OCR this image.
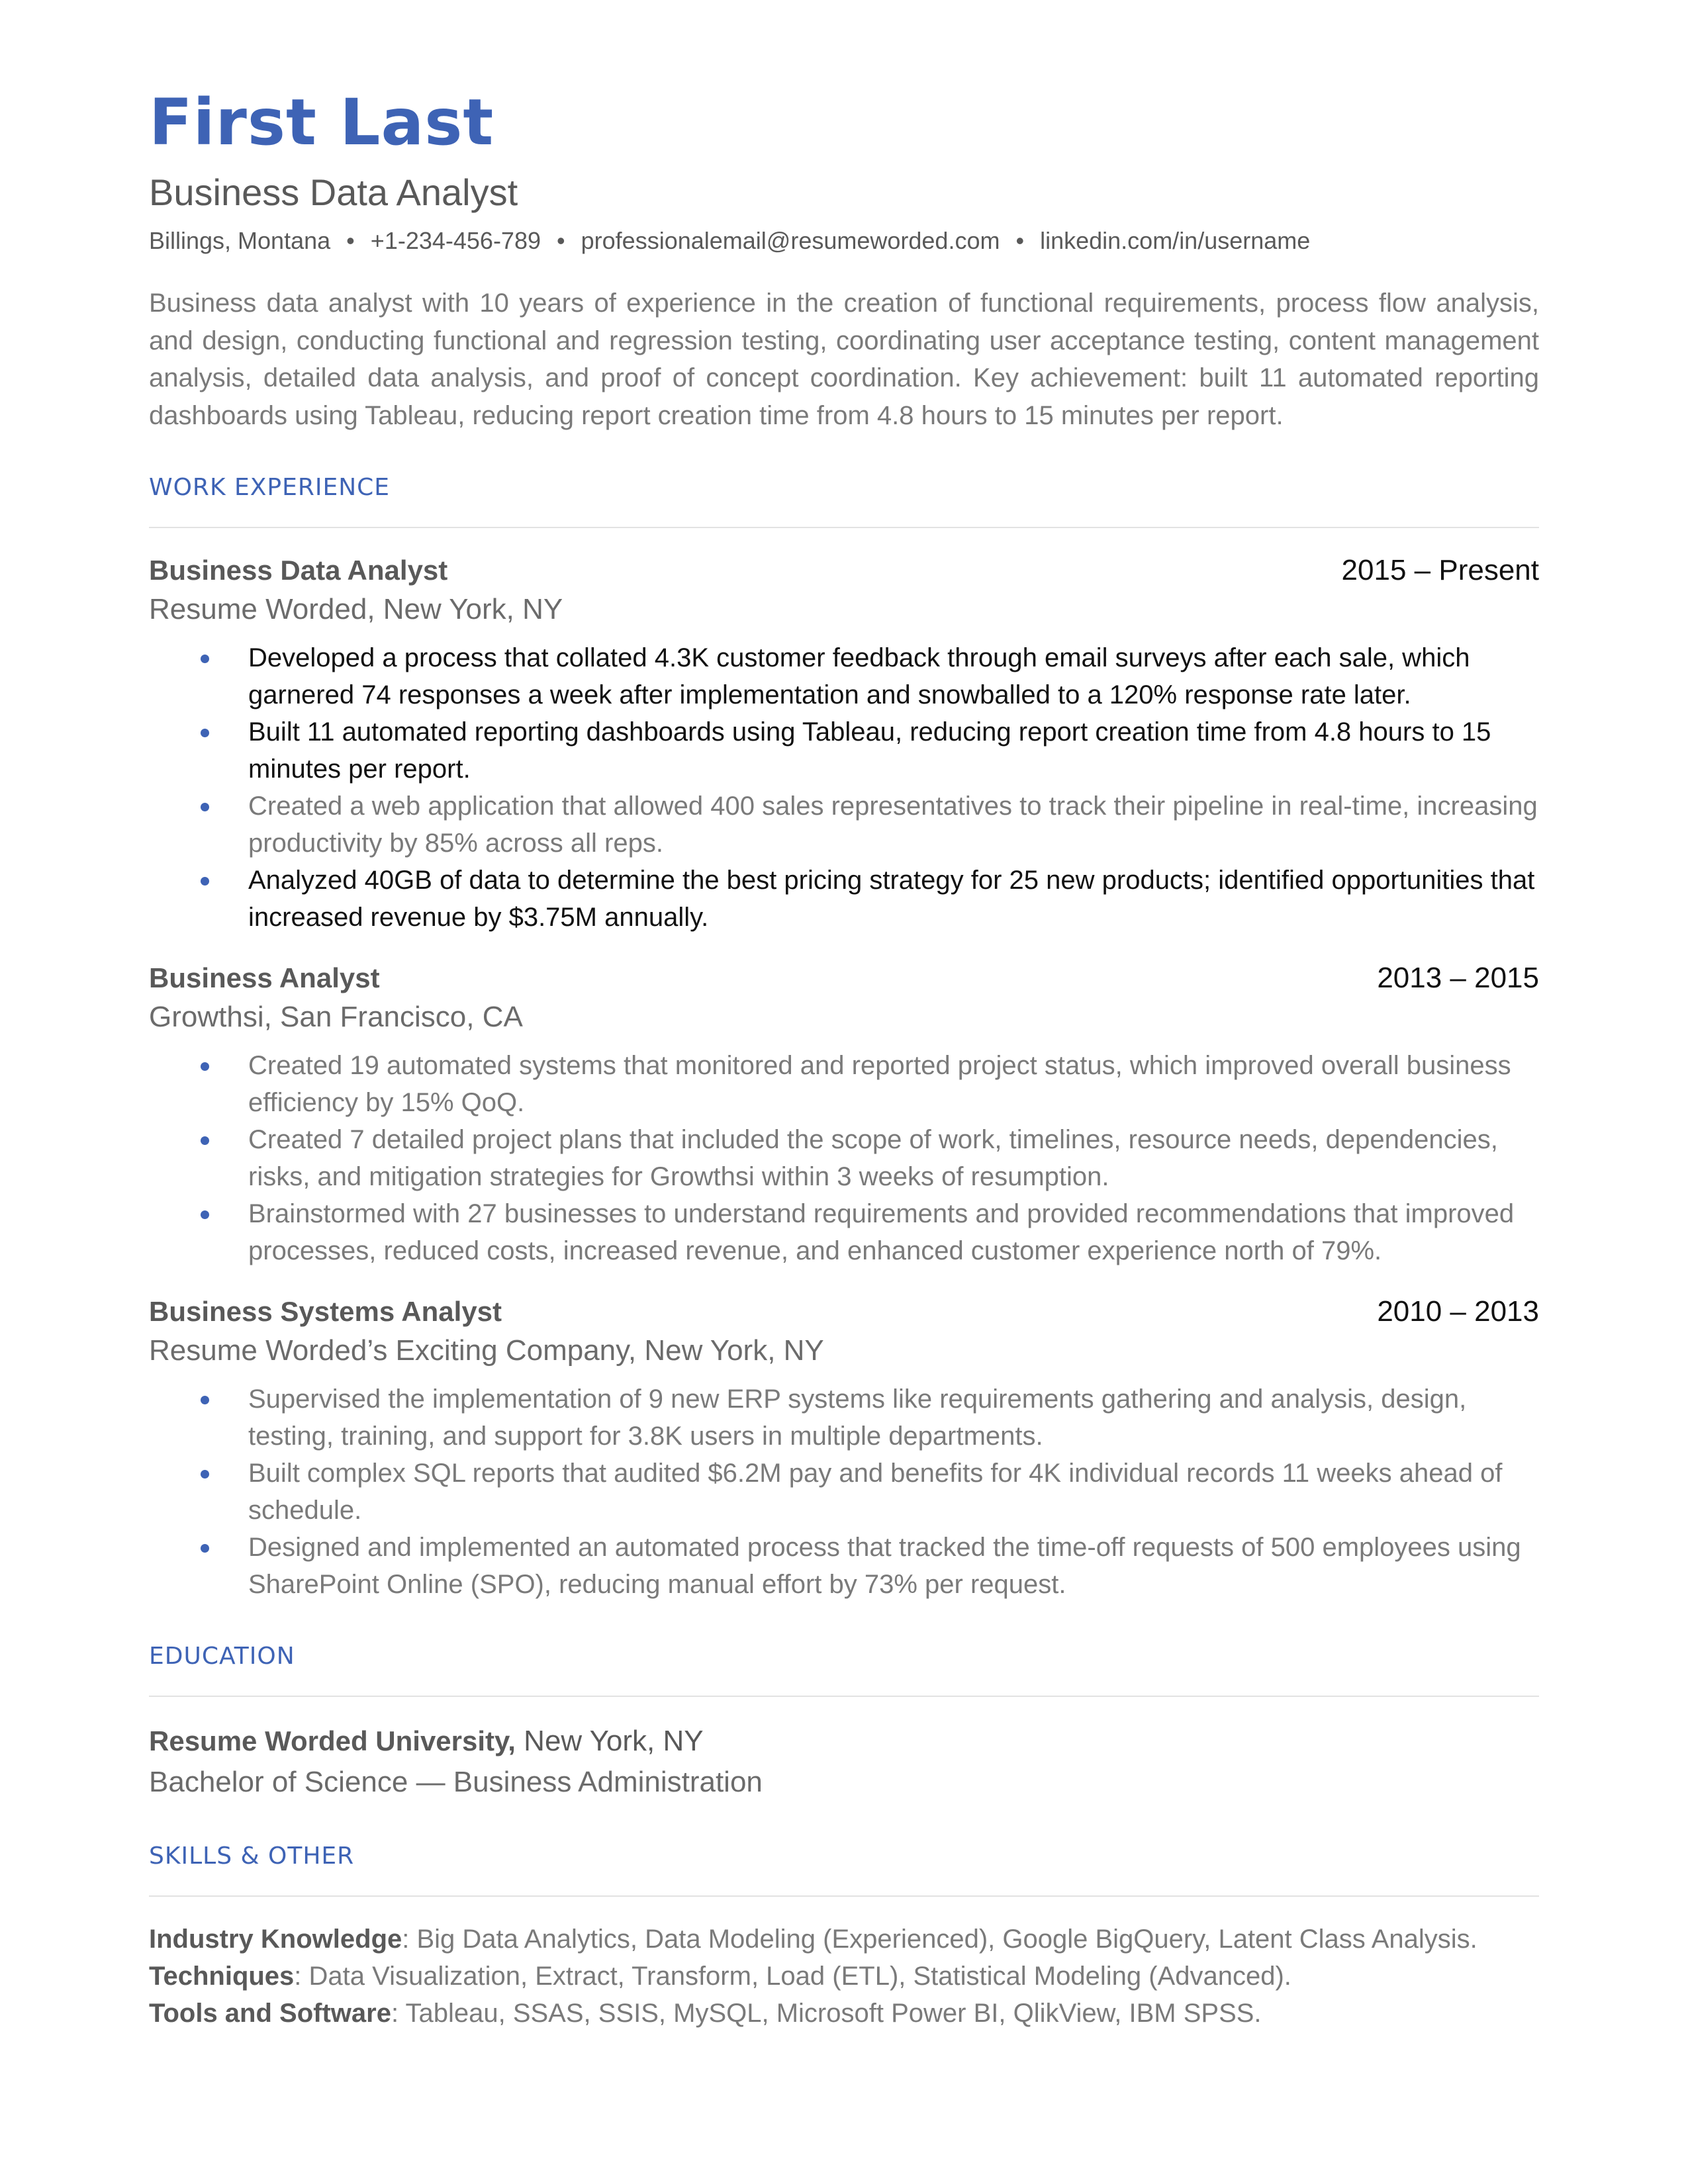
First Last
Business Data Analyst
Billings, Montana • +1-234-456-789 • professionalemail@resumeworded.com • linkedin.com/in/username
Business data analyst with 10 years of experience in the creation of functional requirements, process flow analysis, and design, conducting functional and regression testing, coordinating user acceptance testing, content management analysis, detailed data analysis, and proof of concept coordination. Key achievement: built 11 automated reporting dashboards using Tableau, reducing report creation time from 4.8 hours to 15 minutes per report.
WORK EXPERIENCE
Business Data Analyst	2015 – Present
Resume Worded, New York, NY
Developed a process that collated 4.3K customer feedback through email surveys after each sale, which garnered 74 responses a week after implementation and snowballed to a 120% response rate later.
Built 11 automated reporting dashboards using Tableau, reducing report creation time from 4.8 hours to 15 minutes per report.
Created a web application that allowed 400 sales representatives to track their pipeline in real-time, increasing productivity by 85% across all reps.
Analyzed 40GB of data to determine the best pricing strategy for 25 new products; identified opportunities that increased revenue by $3.75M annually.
Business Analyst	2013 – 2015
Growthsi, San Francisco, CA
Created 19 automated systems that monitored and reported project status, which improved overall business efficiency by 15% QoQ.
Created 7 detailed project plans that included the scope of work, timelines, resource needs, dependencies, risks, and mitigation strategies for Growthsi within 3 weeks of resumption.
Brainstormed with 27 businesses to understand requirements and provided recommendations that improved processes, reduced costs, increased revenue, and enhanced customer experience north of 79%.
Business Systems Analyst	2010 – 2013
Resume Worded’s Exciting Company, New York, NY
Supervised the implementation of 9 new ERP systems like requirements gathering and analysis, design, testing, training, and support for 3.8K users in multiple departments.
Built complex SQL reports that audited $6.2M pay and benefits for 4K individual records 11 weeks ahead of schedule.
Designed and implemented an automated process that tracked the time-off requests of 500 employees using SharePoint Online (SPO), reducing manual effort by 73% per request.
EDUCATION
Resume Worded University, New York, NY
Bachelor of Science — Business Administration
SKILLS & OTHER
Industry Knowledge: Big Data Analytics, Data Modeling (Experienced), Google BigQuery, Latent Class Analysis.
Techniques: Data Visualization, Extract, Transform, Load (ETL), Statistical Modeling (Advanced).
Tools and Software: Tableau, SSAS, SSIS, MySQL, Microsoft Power BI, QlikView, IBM SPSS.
